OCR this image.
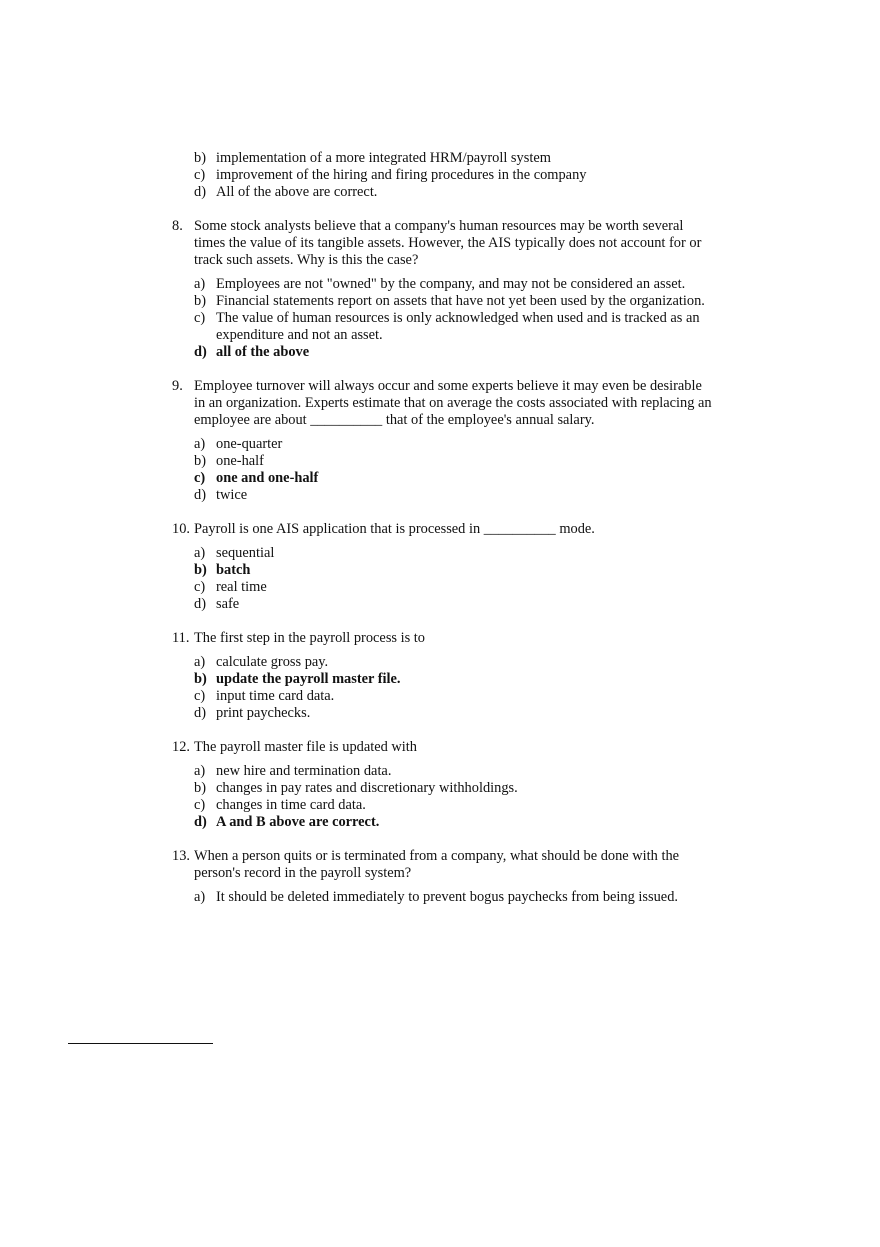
b) implementation of a more integrated HRM/payroll system
c) improvement of the hiring and firing procedures in the company
d) All of the above are correct.
8. Some stock analysts believe that a company's human resources may be worth several times the value of its tangible assets. However, the AIS typically does not account for or track such assets. Why is this the case?
a) Employees are not "owned" by the company, and may not be considered an asset.
b) Financial statements report on assets that have not yet been used by the organization.
c) The value of human resources is only acknowledged when used and is tracked as an expenditure and not an asset.
d) all of the above
9. Employee turnover will always occur and some experts believe it may even be desirable in an organization. Experts estimate that on average the costs associated with replacing an employee are about __________ that of the employee's annual salary.
a) one-quarter
b) one-half
c) one and one-half
d) twice
10. Payroll is one AIS application that is processed in __________ mode.
a) sequential
b) batch
c) real time
d) safe
11. The first step in the payroll process is to
a) calculate gross pay.
b) update the payroll master file.
c) input time card data.
d) print paychecks.
12. The payroll master file is updated with
a) new hire and termination data.
b) changes in pay rates and discretionary withholdings.
c) changes in time card data.
d) A and B above are correct.
13. When a person quits or is terminated from a company, what should be done with the person's record in the payroll system?
a) It should be deleted immediately to prevent bogus paychecks from being issued.
